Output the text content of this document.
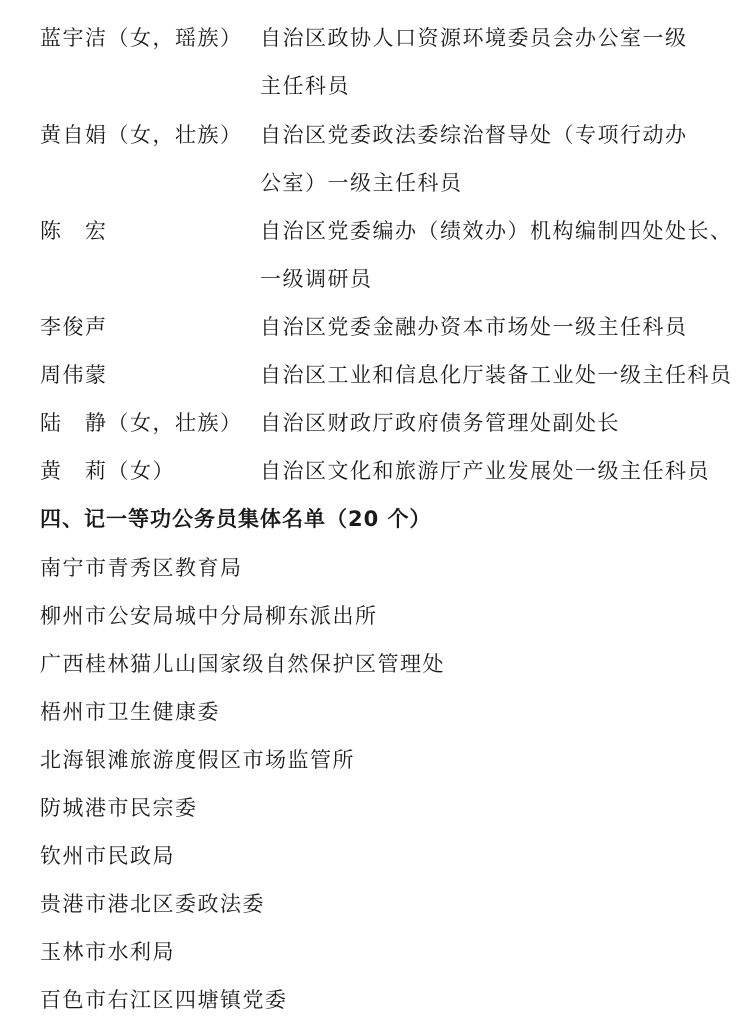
蓝宇洁（女，瑶族） 自治区政协人口资源环境委员会办公室一级
主任科员
黄自娟（女，壮族） 自治区党委政法委综治督导处（专项行动办
公室）一级主任科员
陈　宏	自治区党委编办（绩效办）机构编制四处处长、
一级调研员
李俊声	自治区党委金融办资本市场处一级主任科员
周伟蒙	自治区工业和信息化厅装备工业处一级主任科员
陆　静（女，壮族） 自治区财政厅政府债务管理处副处长
黄　莉（女）	自治区文化和旅游厅产业发展处一级主任科员
四、记一等功公务员集体名单（20 个）
南宁市青秀区教育局
柳州市公安局城中分局柳东派出所
广西桂林猫儿山国家级自然保护区管理处
梧州市卫生健康委
北海银滩旅游度假区市场监管所
防城港市民宗委
钦州市民政局
贵港市港北区委政法委
玉林市水利局
百色市右江区四塘镇党委
